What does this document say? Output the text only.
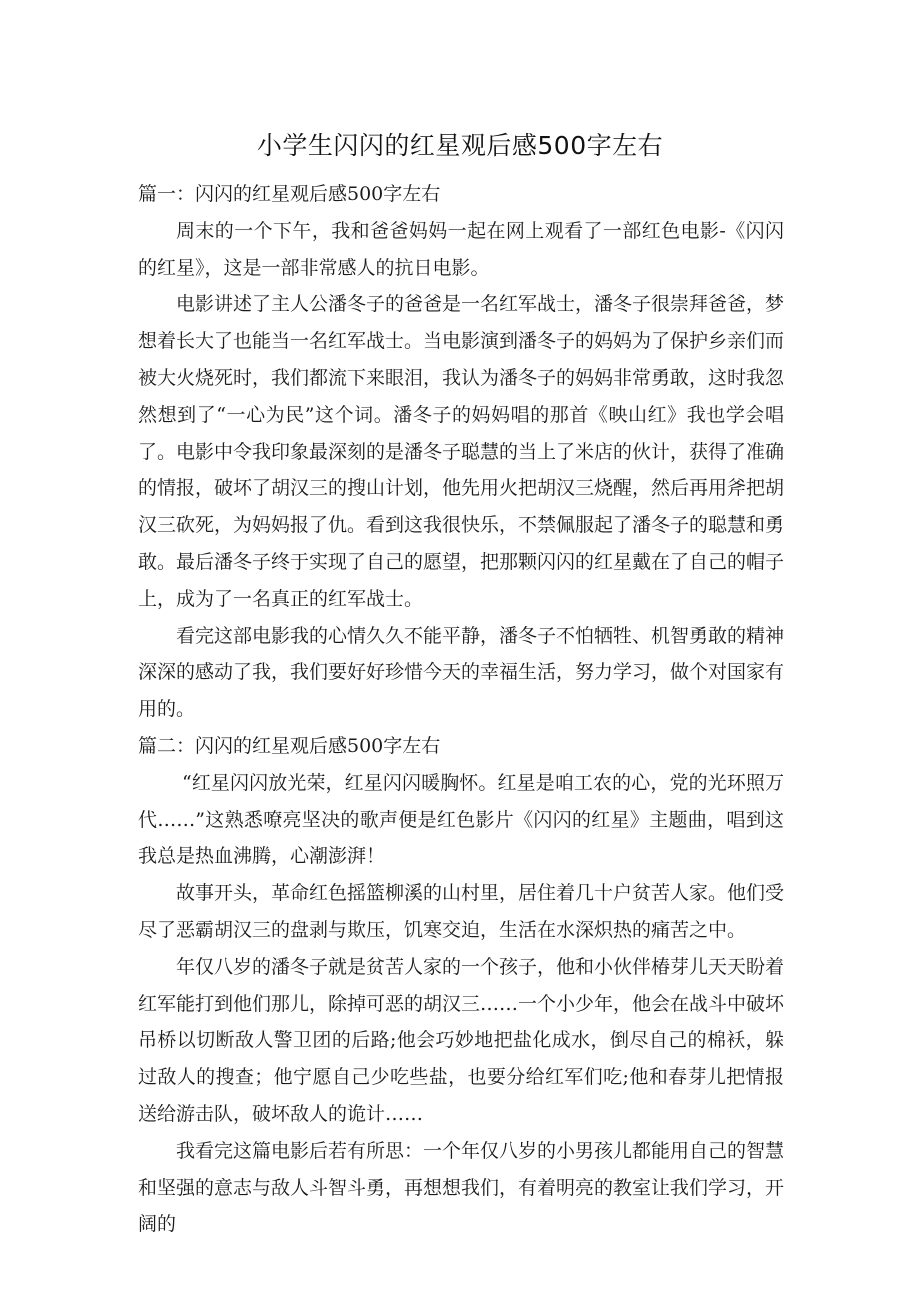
小学生闪闪的红星观后感500字左右

篇一：闪闪的红星观后感500字左右

周末的一个下午，我和爸爸妈妈一起在网上观看了一部红色电影-《闪闪的红星》，这是一部非常感人的抗日电影。

电影讲述了主人公潘冬子的爸爸是一名红军战士，潘冬子很崇拜爸爸，梦想着长大了也能当一名红军战士。当电影演到潘冬子的妈妈为了保护乡亲们而被大火烧死时，我们都流下来眼泪，我认为潘冬子的妈妈非常勇敢，这时我忽然想到了“一心为民”这个词。潘冬子的妈妈唱的那首《映山红》我也学会唱了。电影中令我印象最深刻的是潘冬子聪慧的当上了米店的伙计，获得了准确的情报，破坏了胡汉三的搜山计划，他先用火把胡汉三烧醒，然后再用斧把胡汉三砍死，为妈妈报了仇。看到这我很快乐，不禁佩服起了潘冬子的聪慧和勇敢。最后潘冬子终于实现了自己的愿望，把那颗闪闪的红星戴在了自己的帽子上，成为了一名真正的红军战士。

看完这部电影我的心情久久不能平静，潘冬子不怕牺牲、机智勇敢的精神深深的感动了我，我们要好好珍惜今天的幸福生活，努力学习，做个对国家有用的。

篇二：闪闪的红星观后感500字左右

“红星闪闪放光荣，红星闪闪暖胸怀。红星是咱工农的心，党的光环照万代……”这熟悉嘹亮坚决的歌声便是红色影片《闪闪的红星》主题曲，唱到这我总是热血沸腾，心潮澎湃！

故事开头，革命红色摇篮柳溪的山村里，居住着几十户贫苦人家。他们受尽了恶霸胡汉三的盘剥与欺压，饥寒交迫，生活在水深炽热的痛苦之中。

年仅八岁的潘冬子就是贫苦人家的一个孩子，他和小伙伴椿芽儿天天盼着红军能打到他们那儿，除掉可恶的胡汉三……一个小少年，他会在战斗中破坏吊桥以切断敌人警卫团的后路;他会巧妙地把盐化成水，倒尽自己的棉袄，躲过敌人的搜查；他宁愿自己少吃些盐，也要分给红军们吃;他和春芽儿把情报送给游击队，破坏敌人的诡计……

我看完这篇电影后若有所思：一个年仅八岁的小男孩儿都能用自己的智慧和坚强的意志与敌人斗智斗勇，再想想我们，有着明亮的教室让我们学习，开阔的
